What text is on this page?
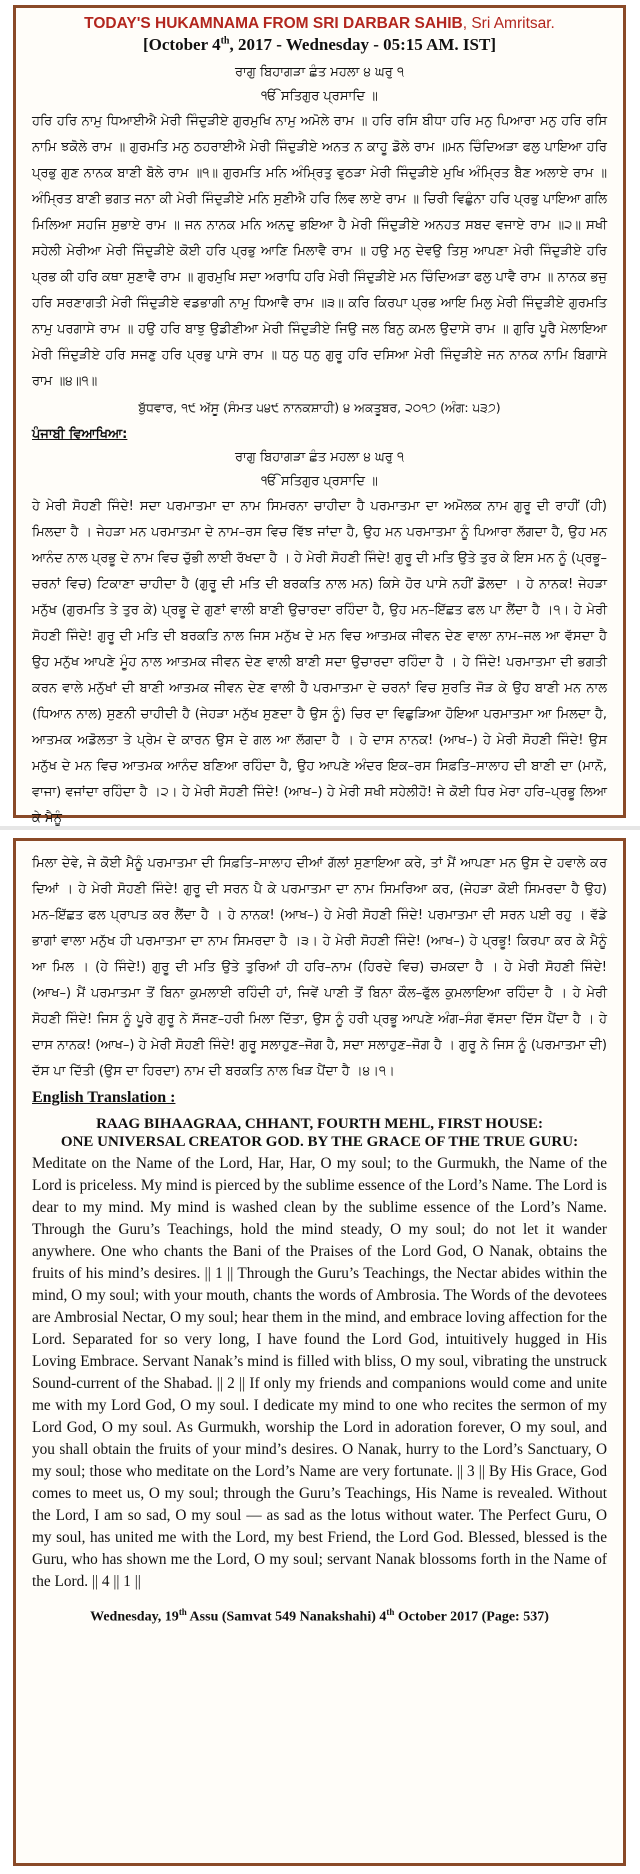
TODAY'S HUKAMNAMA FROM SRI DARBAR SAHIB, Sri Amritsar.

[October 4th, 2017 - Wednesday - 05:15 AM. IST]

ਰਾਗੁ ਬਿਹਾਗੜਾ ਛੰਤ ਮਹਲਾ ੪ ਘਰੁ ੧

ੴ ਸਤਿਗੁਰ ਪ੍ਰਸਾਦਿ ॥

ਹਰਿ ਹਰਿ ਨਾਮੁ ਧਿਆਈਐ ਮੇਰੀ ਜਿੰਦੁੜੀਏ ਗੁਰਮੁਖਿ ਨਾਮੁ ਅਮੋਲੇ ਰਾਮ ॥ ਹਰਿ ਰਸਿ ਬੀਧਾ ਹਰਿ ਮਨੁ ਪਿਆਰਾ ਮਨੁ ਹਰਿ ਰਸਿ ਨਾਮਿ ਝਕੋਲੇ ਰਾਮ ॥ ਗੁਰਮਤਿ ਮਨੁ ਠਹਰਾਈਐ ਮੇਰੀ ਜਿੰਦੁੜੀਏ ਅਨਤ ਨ ਕਾਹੂ ਡੋਲੇ ਰਾਮ ॥ਮਨ ਚਿੰਦਿਅੜਾ ਫਲੁ ਪਾਇਆ ਹਰਿ ਪ੍ਰਭੁ ਗੁਣ ਨਾਨਕ ਬਾਣੀ ਬੋਲੇ ਰਾਮ ॥੧॥ ਗੁਰਮਤਿ ਮਨਿ ਅੰਮ੍ਰਿਤੁ ਵੁਠੜਾ ਮੇਰੀ ਜਿੰਦੁੜੀਏ ਮੁਖਿ ਅੰਮ੍ਰਿਤ ਬੈਣ ਅਲਾਏ ਰਾਮ ॥ ਅੰਮ੍ਰਿਤ ਬਾਣੀ ਭਗਤ ਜਨਾ ਕੀ ਮੇਰੀ ਜਿੰਦੁੜੀਏ ਮਨਿ ਸੁਣੀਐ ਹਰਿ ਲਿਵ ਲਾਏ ਰਾਮ ॥ ਚਿਰੀ ਵਿਛੁੰਨਾ ਹਰਿ ਪ੍ਰਭੁ ਪਾਇਆ ਗਲਿ ਮਿਲਿਆ ਸਹਜਿ ਸੁਭਾਏ ਰਾਮ ॥ ਜਨ ਨਾਨਕ ਮਨਿ ਅਨਦੁ ਭਇਆ ਹੈ ਮੇਰੀ ਜਿੰਦੁੜੀਏ ਅਨਹਤ ਸਬਦ ਵਜਾਏ ਰਾਮ ॥੨॥ ਸਖੀ ਸਹੇਲੀ ਮੇਰੀਆ ਮੇਰੀ ਜਿੰਦੁੜੀਏ ਕੋਈ ਹਰਿ ਪ੍ਰਭੁ ਆਣਿ ਮਿਲਾਵੈ ਰਾਮ ॥ ਹਉ ਮਨੁ ਦੇਵਉ ਤਿਸੁ ਆਪਣਾ ਮੇਰੀ ਜਿੰਦੁੜੀਏ ਹਰਿ ਪ੍ਰਭ ਕੀ ਹਰਿ ਕਥਾ ਸੁਣਾਵੈ ਰਾਮ ॥ ਗੁਰਮੁਖਿ ਸਦਾ ਅਰਾਧਿ ਹਰਿ ਮੇਰੀ ਜਿੰਦੁੜੀਏ ਮਨ ਚਿੰਦਿਅੜਾ ਫਲੁ ਪਾਵੈ ਰਾਮ ॥ ਨਾਨਕ ਭਜੁ ਹਰਿ ਸਰਣਾਗਤੀ ਮੇਰੀ ਜਿੰਦੁੜੀਏ ਵਡਭਾਗੀ ਨਾਮੁ ਧਿਆਵੈ ਰਾਮ ॥੩॥ ਕਰਿ ਕਿਰਪਾ ਪ੍ਰਭ ਆਇ ਮਿਲੁ ਮੇਰੀ ਜਿੰਦੁੜੀਏ ਗੁਰਮਤਿ ਨਾਮੁ ਪਰਗਾਸੇ ਰਾਮ ॥ ਹਉ ਹਰਿ ਬਾਝੁ ਉਡੀਣੀਆ ਮੇਰੀ ਜਿੰਦੁੜੀਏ ਜਿਉ ਜਲ ਬਿਨੁ ਕਮਲ ਉਦਾਸੇ ਰਾਮ ॥ ਗੁਰਿ ਪੂਰੈ ਮੇਲਾਇਆ ਮੇਰੀ ਜਿੰਦੁੜੀਏ ਹਰਿ ਸਜਣੁ ਹਰਿ ਪ੍ਰਭੁ ਪਾਸੇ ਰਾਮ ॥ ਧਨੁ ਧਨੁ ਗੁਰੂ ਹਰਿ ਦਸਿਆ ਮੇਰੀ ਜਿੰਦੁੜੀਏ ਜਨ ਨਾਨਕ ਨਾਮਿ ਬਿਗਾਸੇ ਰਾਮ ॥੪॥੧॥

ਬੁੱਧਵਾਰ, ੧੯ ਅੱਸੂ (ਸੰਮਤ ੫੪੯ ਨਾਨਕਸ਼ਾਹੀ) ੪ ਅਕਤੂਬਰ, ੨੦੧੭ (ਅੰਗ: ੫੩੭)

ਪੰਜਾਬੀ ਵਿਆਖਿਆ:

ਰਾਗੁ ਬਿਹਾਗੜਾ ਛੰਤ ਮਹਲਾ ੪ ਘਰੁ ੧

ੴ ਸਤਿਗੁਰ ਪ੍ਰਸਾਦਿ ॥

ਹੇ ਮੇਰੀ ਸੋਹਣੀ ਜਿੰਦੇ! ਸਦਾ ਪਰਮਾਤਮਾ ਦਾ ਨਾਮ ਸਿਮਰਨਾ ਚਾਹੀਦਾ ਹੈ ਪਰਮਾਤਮਾ ਦਾ ਅਮੋਲਕ ਨਾਮ ਗੁਰੂ ਦੀ ਰਾਹੀਂ (ਹੀ) ਮਿਲਦਾ ਹੈ । ਜੇਹੜਾ ਮਨ ਪਰਮਾਤਮਾ ਦੇ ਨਾਮ–ਰਸ ਵਿਚ ਵਿੱਝ ਜਾਂਦਾ ਹੈ, ਉਹ ਮਨ ਪਰਮਾਤਮਾ ਨੂੰ ਪਿਆਰਾ ਲੱਗਦਾ ਹੈ, ਉਹ ਮਨ ਆਨੰਦ ਨਾਲ ਪ੍ਰਭੂ ਦੇ ਨਾਮ ਵਿਚ ਚੁੱਭੀ ਲਾਈ ਰੱਖਦਾ ਹੈ । ਹੇ ਮੇਰੀ ਸੋਹਣੀ ਜਿੰਦੇ! ਗੁਰੂ ਦੀ ਮਤਿ ਉਤੇ ਤੁਰ ਕੇ ਇਸ ਮਨ ਨੂੰ (ਪ੍ਰਭੂ–ਚਰਨਾਂ ਵਿਚ) ਟਿਕਾਣਾ ਚਾਹੀਦਾ ਹੈ (ਗੁਰੂ ਦੀ ਮਤਿ ਦੀ ਬਰਕਤਿ ਨਾਲ ਮਨ) ਕਿਸੇ ਹੋਰ ਪਾਸੇ ਨਹੀਂ ਡੋਲਦਾ । ਹੇ ਨਾਨਕ! ਜੇਹੜਾ ਮਨੁੱਖ (ਗੁਰਮਤਿ ਤੇ ਤੁਰ ਕੇ) ਪ੍ਰਭੂ ਦੇ ਗੁਣਾਂ ਵਾਲੀ ਬਾਣੀ ਉਚਾਰਦਾ ਰਹਿੰਦਾ ਹੈ, ਉਹ ਮਨ–ਇੱਛਤ ਫਲ ਪਾ ਲੈਂਦਾ ਹੈ ।੧। ਹੇ ਮੇਰੀ ਸੋਹਣੀ ਜਿੰਦੇ! ਗੁਰੂ ਦੀ ਮਤਿ ਦੀ ਬਰਕਤਿ ਨਾਲ ਜਿਸ ਮਨੁੱਖ ਦੇ ਮਨ ਵਿਚ ਆਤਮਕ ਜੀਵਨ ਦੇਣ ਵਾਲਾ ਨਾਮ–ਜਲ ਆ ਵੱਸਦਾ ਹੈ ਉਹ ਮਨੁੱਖ ਆਪਣੇ ਮੂੰਹ ਨਾਲ ਆਤਮਕ ਜੀਵਨ ਦੇਣ ਵਾਲੀ ਬਾਣੀ ਸਦਾ ਉਚਾਰਦਾ ਰਹਿੰਦਾ ਹੈ । ਹੇ ਜਿੰਦੇ! ਪਰਮਾਤਮਾ ਦੀ ਭਗਤੀ ਕਰਨ ਵਾਲੇ ਮਨੁੱਖਾਂ ਦੀ ਬਾਣੀ ਆਤਮਕ ਜੀਵਨ ਦੇਣ ਵਾਲੀ ਹੈ ਪਰਮਾਤਮਾ ਦੇ ਚਰਨਾਂ ਵਿਚ ਸੁਰਤਿ ਜੋੜ ਕੇ ਉਹ ਬਾਣੀ ਮਨ ਨਾਲ (ਧਿਆਨ ਨਾਲ) ਸੁਣਨੀ ਚਾਹੀਦੀ ਹੈ (ਜੇਹੜਾ ਮਨੁੱਖ ਸੁਣਦਾ ਹੈ ਉਸ ਨੂੰ) ਚਿਰ ਦਾ ਵਿਛੁੜਿਆ ਹੋਇਆ ਪਰਮਾਤਮਾ ਆ ਮਿਲਦਾ ਹੈ, ਆਤਮਕ ਅਡੋਲਤਾ ਤੇ ਪ੍ਰੇਮ ਦੇ ਕਾਰਨ ਉਸ ਦੇ ਗਲ ਆ ਲੱਗਦਾ ਹੈ । ਹੇ ਦਾਸ ਨਾਨਕ! (ਆਖ–) ਹੇ ਮੇਰੀ ਸੋਹਣੀ ਜਿੰਦੇ! ਉਸ ਮਨੁੱਖ ਦੇ ਮਨ ਵਿਚ ਆਤਮਕ ਆਨੰਦ ਬਣਿਆ ਰਹਿੰਦਾ ਹੈ, ਉਹ ਆਪਣੇ ਅੰਦਰ ਇਕ–ਰਸ ਸਿਫ਼ਤਿ–ਸਾਲਾਹ ਦੀ ਬਾਣੀ ਦਾ (ਮਾਨੋ, ਵਾਜਾ) ਵਜਾਂਦਾ ਰਹਿੰਦਾ ਹੈ ।੨। ਹੇ ਮੇਰੀ ਸੋਹਣੀ ਜਿੰਦੇ! (ਆਖ–) ਹੇ ਮੇਰੀ ਸਖੀ ਸਹੇਲੀਹੋ! ਜੇ ਕੋਈ ਧਿਰ ਮੇਰਾ ਹਰਿ–ਪ੍ਰਭੂ ਲਿਆ ਕੇ ਮੈਨੂੰ

ਮਿਲਾ ਦੇਵੇ, ਜੇ ਕੋਈ ਮੈਨੂੰ ਪਰਮਾਤਮਾ ਦੀ ਸਿਫ਼ਤਿ–ਸਾਲਾਹ ਦੀਆਂ ਗੱਲਾਂ ਸੁਣਾਇਆ ਕਰੇ, ਤਾਂ ਮੈਂ ਆਪਣਾ ਮਨ ਉਸ ਦੇ ਹਵਾਲੇ ਕਰ ਦਿਆਂ । ਹੇ ਮੇਰੀ ਸੋਹਣੀ ਜਿੰਦੇ! ਗੁਰੂ ਦੀ ਸਰਨ ਪੈ ਕੇ ਪਰਮਾਤਮਾ ਦਾ ਨਾਮ ਸਿਮਰਿਆ ਕਰ, (ਜੇਹੜਾ ਕੋਈ ਸਿਮਰਦਾ ਹੈ ਉਹ) ਮਨ–ਇੱਛਤ ਫਲ ਪ੍ਰਾਪਤ ਕਰ ਲੈਂਦਾ ਹੈ । ਹੇ ਨਾਨਕ! (ਆਖ–) ਹੇ ਮੇਰੀ ਸੋਹਣੀ ਜਿੰਦੇ! ਪਰਮਾਤਮਾ ਦੀ ਸਰਨ ਪਈ ਰਹੁ । ਵੱਡੇ ਭਾਗਾਂ ਵਾਲਾ ਮਨੁੱਖ ਹੀ ਪਰਮਾਤਮਾ ਦਾ ਨਾਮ ਸਿਮਰਦਾ ਹੈ ।੩। ਹੇ ਮੇਰੀ ਸੋਹਣੀ ਜਿੰਦੇ! (ਆਖ–) ਹੇ ਪ੍ਰਭੂ! ਕਿਰਪਾ ਕਰ ਕੇ ਮੈਨੂੰ ਆ ਮਿਲ । (ਹੇ ਜਿੰਦੇ!) ਗੁਰੂ ਦੀ ਮਤਿ ਉਤੇ ਤੁਰਿਆਂ ਹੀ ਹਰਿ–ਨਾਮ (ਹਿਰਦੇ ਵਿਚ) ਚਮਕਦਾ ਹੈ । ਹੇ ਮੇਰੀ ਸੋਹਣੀ ਜਿੰਦੇ! (ਆਖ–) ਮੈਂ ਪਰਮਾਤਮਾ ਤੋਂ ਬਿਨਾ ਕੁਮਲਾਈ ਰਹਿੰਦੀ ਹਾਂ, ਜਿਵੇਂ ਪਾਣੀ ਤੋਂ ਬਿਨਾ ਕੌਲ–ਫੁੱਲ ਕੁਮਲਾਇਆ ਰਹਿੰਦਾ ਹੈ । ਹੇ ਮੇਰੀ ਸੋਹਣੀ ਜਿੰਦੇ! ਜਿਸ ਨੂੰ ਪੂਰੇ ਗੁਰੂ ਨੇ ਸੱਜਣ–ਹਰੀ ਮਿਲਾ ਦਿੱਤਾ, ਉਸ ਨੂੰ ਹਰੀ ਪ੍ਰਭੂ ਆਪਣੇ ਅੰਗ–ਸੰਗ ਵੱਸਦਾ ਦਿੱਸ ਪੈਂਦਾ ਹੈ । ਹੇ ਦਾਸ ਨਾਨਕ! (ਆਖ–) ਹੇ ਮੇਰੀ ਸੋਹਣੀ ਜਿੰਦੇ! ਗੁਰੂ ਸਲਾਹੁਣ–ਜੋਗ ਹੈ, ਸਦਾ ਸਲਾਹੁਣ–ਜੋਗ ਹੈ । ਗੁਰੂ ਨੇ ਜਿਸ ਨੂੰ (ਪਰਮਾਤਮਾ ਦੀ) ਦੱਸ ਪਾ ਦਿੱਤੀ (ਉਸ ਦਾ ਹਿਰਦਾ) ਨਾਮ ਦੀ ਬਰਕਤਿ ਨਾਲ ਖਿੜ ਪੈਂਦਾ ਹੈ ।੪।੧।

English Translation :

RAAG BIHAAGRAA, CHHANT, FOURTH MEHL, FIRST HOUSE:

ONE UNIVERSAL CREATOR GOD. BY THE GRACE OF THE TRUE GURU:

Meditate on the Name of the Lord, Har, Har, O my soul; to the Gurmukh, the Name of the Lord is priceless. My mind is pierced by the sublime essence of the Lord’s Name. The Lord is dear to my mind. My mind is washed clean by the sublime essence of the Lord’s Name. Through the Guru’s Teachings, hold the mind steady, O my soul; do not let it wander anywhere. One who chants the Bani of the Praises of the Lord God, O Nanak, obtains the fruits of his mind’s desires. || 1 || Through the Guru’s Teachings, the Nectar abides within the mind, O my soul; with your mouth, chants the words of Ambrosia. The Words of the devotees are Ambrosial Nectar, O my soul; hear them in the mind, and embrace loving affection for the Lord. Separated for so very long, I have found the Lord God, intuitively hugged in His Loving Embrace. Servant Nanak’s mind is filled with bliss, O my soul, vibrating the unstruck Sound-current of the Shabad. || 2 || If only my friends and companions would come and unite me with my Lord God, O my soul. I dedicate my mind to one who recites the sermon of my Lord God, O my soul. As Gurmukh, worship the Lord in adoration forever, O my soul, and you shall obtain the fruits of your mind’s desires. O Nanak, hurry to the Lord’s Sanctuary, O my soul; those who meditate on the Lord’s Name are very fortunate. || 3 || By His Grace, God comes to meet us, O my soul; through the Guru’s Teachings, His Name is revealed. Without the Lord, I am so sad, O my soul — as sad as the lotus without water. The Perfect Guru, O my soul, has united me with the Lord, my best Friend, the Lord God. Blessed, blessed is the Guru, who has shown me the Lord, O my soul; servant Nanak blossoms forth in the Name of the Lord. || 4 || 1 ||

Wednesday, 19th Assu (Samvat 549 Nanakshahi) 4th October 2017 (Page: 537)
